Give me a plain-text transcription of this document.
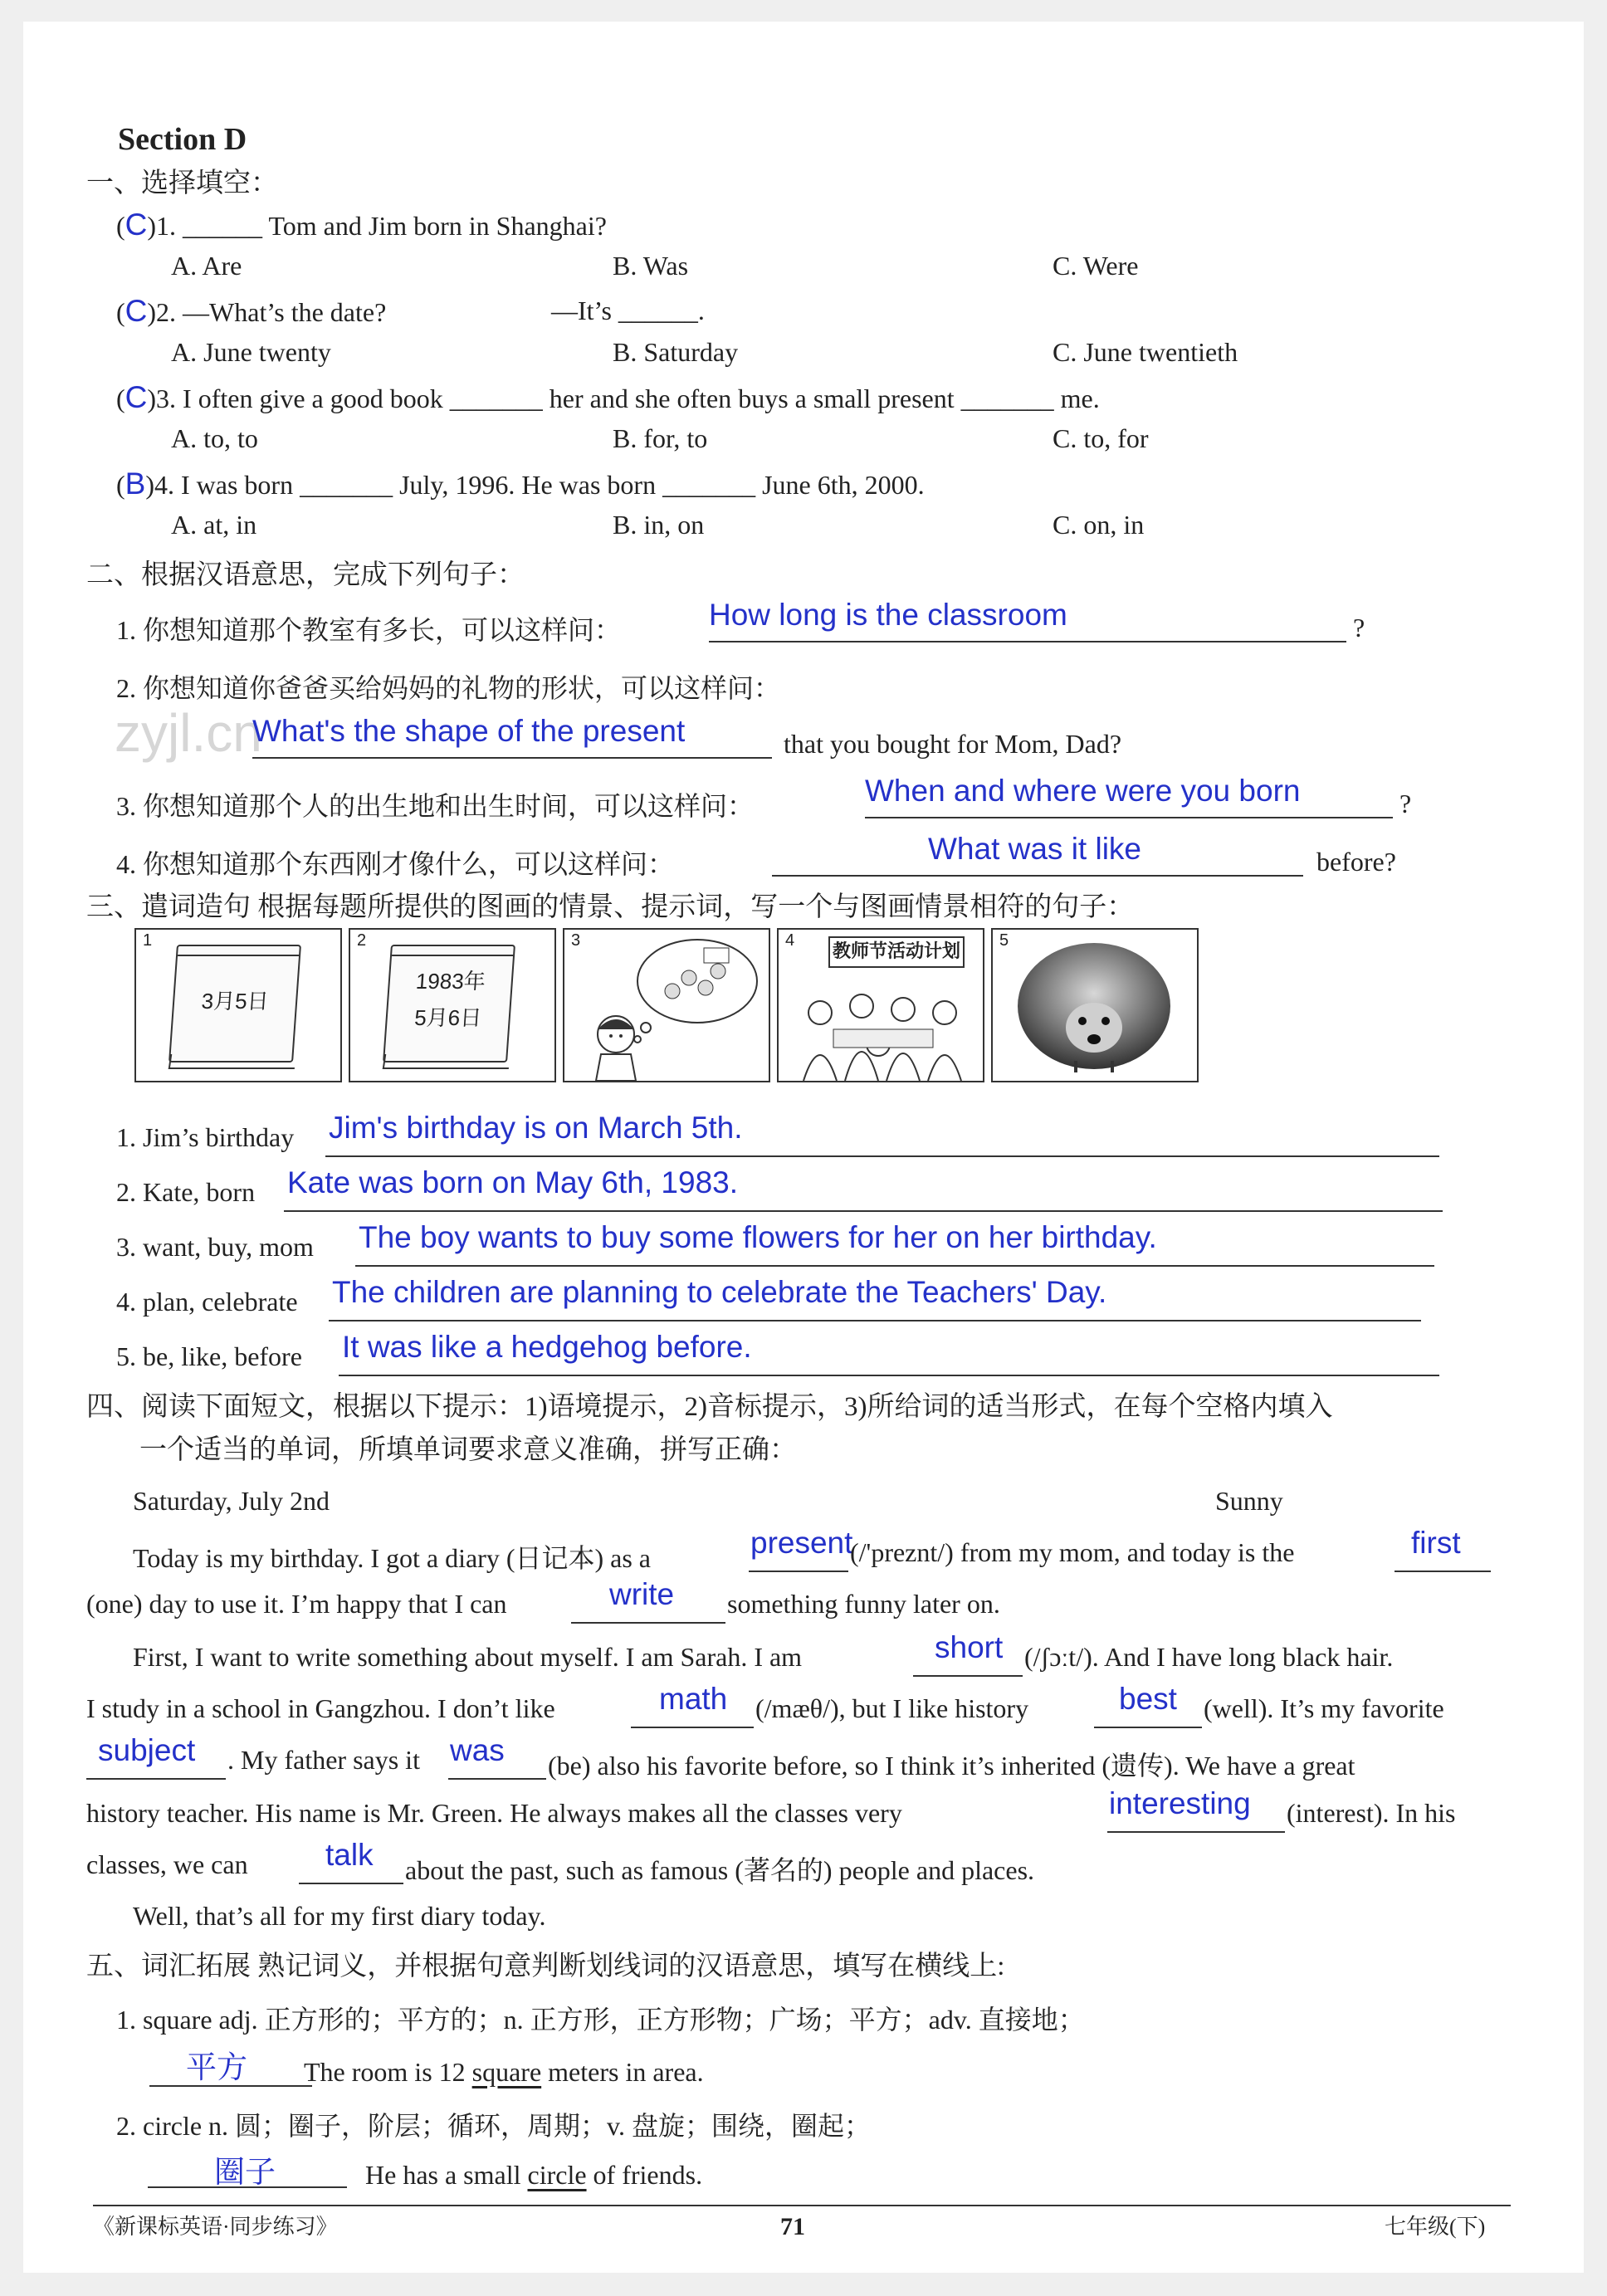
Section D
一、选择填空：
(C)1. ______ Tom and Jim born in Shanghai?
A. Are	B. Was	C. Were
(C)2. —What’s the date?	—It’s ______.
A. June twenty	B. Saturday	C. June twentieth
(C)3. I often give a good book _______ her and she often buys a small present _______ me.
A. to, to	B. for, to	C. to, for
(B)4. I was born _______ July, 1996. He was born _______ June 6th, 2000.
A. at, in	B. in, on	C. on, in
二、根据汉语意思，完成下列句子：
1. 你想知道那个教室有多长，可以这样问：	How long is the classroom	?
2. 你想知道你爸爸买给妈妈的礼物的形状，可以这样问：
zyjl.cn
What's the shape of the present	that you bought for Mom, Dad?
3. 你想知道那个人的出生地和出生时间，可以这样问：	When and where were you born	?
4. 你想知道那个东西刚才像什么，可以这样问：	What was it like	before?
三、遣词造句 根据每题所提供的图画的情景、提示词，写一个与图画情景相符的句子：
1
3月5日
2
1983年
5月6日
3	4
教师节活动计划
5
1. Jim’s birthday Jim's birthday is on March 5th.
2. Kate, born Kate was born on May 6th, 1983.
3. want, buy, mom The boy wants to buy some flowers for her on her birthday.
4. plan, celebrate The children are planning to celebrate the Teachers' Day.
5. be, like, before It was like a hedgehog before.
四、阅读下面短文，根据以下提示：1)语境提示，2)音标提示，3)所给词的适当形式，在每个空格内填入
一个适当的单词，所填单词要求意义准确，拼写正确：
Saturday, July 2nd	Sunny
Today is my birthday. I got a diary (日记本) as a	present
(/'preznt/) from my mom, and today is the	first
(one) day to use it. I’m happy that I can	write something funny later on.
First, I want to write something about myself. I am Sarah. I am	short (/ʃɔːt/). And I have long black hair.
I study in a school in Gangzhou. I don’t like	math (/mæθ/), but I like history	best (well). It’s my favorite
subject . My father says it was (be) also his favorite before, so I think it’s inherited (遗传). We have a great
history teacher. His name is Mr. Green. He always makes all the classes very	interesting (interest). In his
classes, we can	talk about the past, such as famous (著名的) people and places.
Well, that’s all for my first diary today.
五、词汇拓展 熟记词义，并根据句意判断划线词的汉语意思，填写在横线上:
1. square adj. 正方形的；平方的；n. 正方形，正方形物；广场；平方；adv. 直接地；
平方 The room is 12 square meters in area.
2. circle n. 圆；圈子，阶层；循环，周期；v. 盘旋；围绕，圈起；
圈子	He has a small circle of friends.
《新课标英语·同步练习》	71	七年级(下)
